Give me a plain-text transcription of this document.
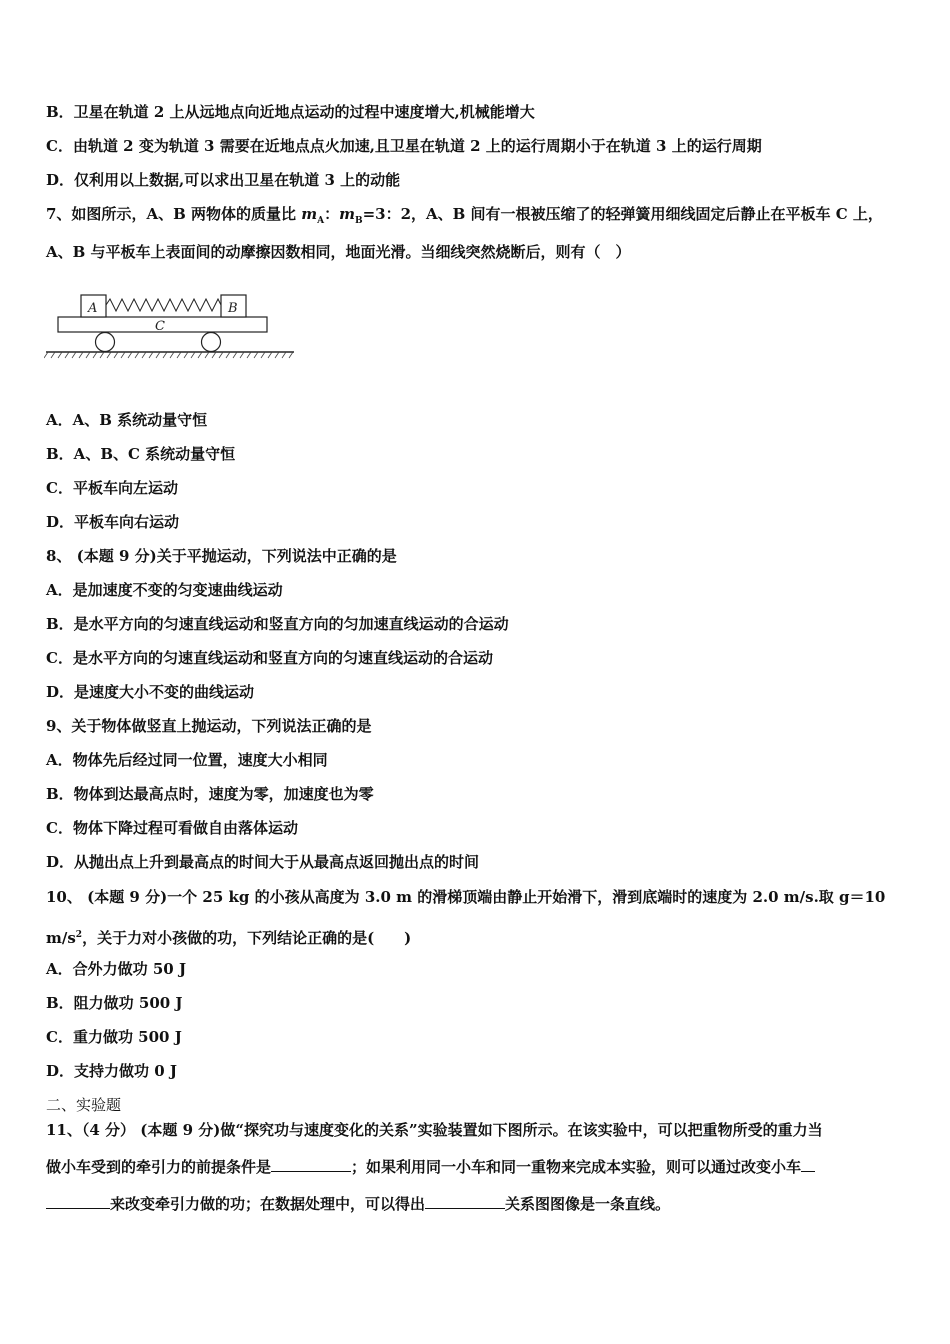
B．卫星在轨道 2 上从远地点向近地点运动的过程中速度增大,机械能增大
C．由轨道 2 变为轨道 3 需要在近地点点火加速,且卫星在轨道 2 上的运行周期小于在轨道 3 上的运行周期
D．仅利用以上数据,可以求出卫星在轨道 3 上的动能
7、如图所示，A、B 两物体的质量比 $m_A$：$m_B=3$：2，A、B 间有一根被压缩了的轻弹簧用细线固定后静止在平板车 C 上，
A、B 与平板车上表面间的动摩擦因数相同，地面光滑。当细线突然烧断后，则有（　）
A	B
C
A．A、B 系统动量守恒
B．A、B、C 系统动量守恒
C．平板车向左运动
D．平板车向右运动
8、 (本题 9 分)关于平抛运动，下列说法中正确的是
A．是加速度不变的匀变速曲线运动
B．是水平方向的匀速直线运动和竖直方向的匀加速直线运动的合运动
C．是水平方向的匀速直线运动和竖直方向的匀速直线运动的合运动
D．是速度大小不变的曲线运动
9、关于物体做竖直上抛运动，下列说法正确的是
A．物体先后经过同一位置，速度大小相同
B．物体到达最高点时，速度为零，加速度也为零
C．物体下降过程可看做自由落体运动
D．从抛出点上升到最高点的时间大于从最高点返回抛出点的时间
10、 (本题 9 分)一个 25 kg 的小孩从高度为 3.0 m 的滑梯顶端由静止开始滑下，滑到底端时的速度为 2.0 m/s.取 g＝10
$m/s^2$，关于力对小孩做的功，下列结论正确的是(　　)
A．合外力做功 50 J
B．阻力做功 500 J
C．重力做功 500 J
D．支持力做功 0 J
二、实验题
11、（4 分） (本题 9 分)做“探究功与速度变化的关系”实验装置如下图所示。在该实验中，可以把重物所受的重力当
做小车受到的牵引力的前提条件是	；如果利用同一小车和同一重物来完成本实验，则可以通过改变小车
来改变牵引力做的功；在数据处理中，可以得出	关系图图像是一条直线。
